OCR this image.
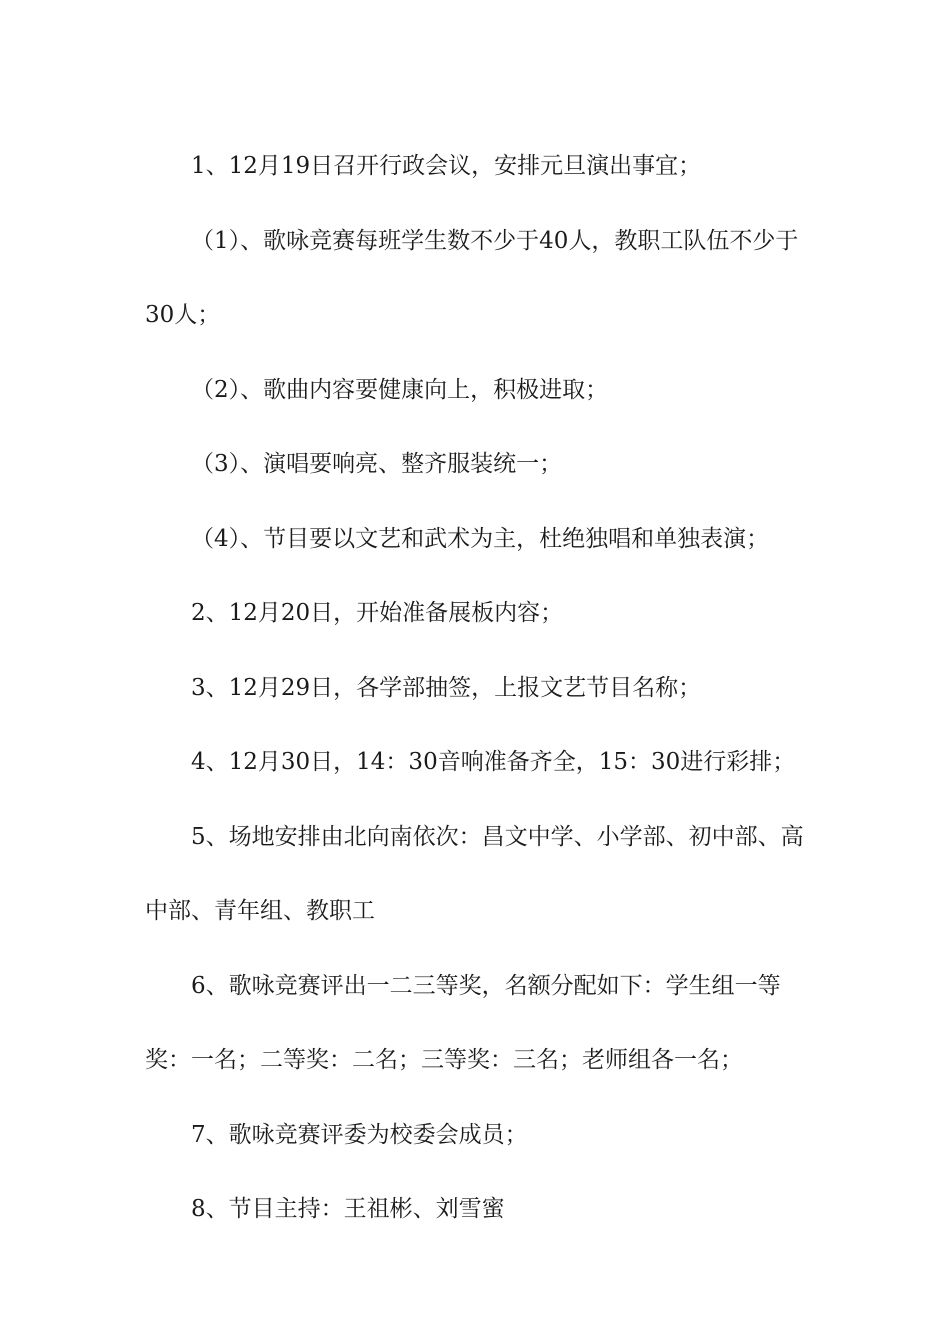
1、12月19日召开行政会议，安排元旦演出事宜；

（1）、歌咏竞赛每班学生数不少于40人，教职工队伍不少于30人；

（2）、歌曲内容要健康向上，积极进取；

（3）、演唱要响亮、整齐服装统一；

（4）、节目要以文艺和武术为主，杜绝独唱和单独表演；

2、12月20日，开始准备展板内容；

3、12月29日，各学部抽签，上报文艺节目名称；

4、12月30日，14：30音响准备齐全，15：30进行彩排；

5、场地安排由北向南依次：昌文中学、小学部、初中部、高中部、青年组、教职工

6、歌咏竞赛评出一二三等奖，名额分配如下：学生组一等奖：一名；二等奖：二名；三等奖：三名；老师组各一名；

7、歌咏竞赛评委为校委会成员；

8、节目主持：王祖彬、刘雪蜜
